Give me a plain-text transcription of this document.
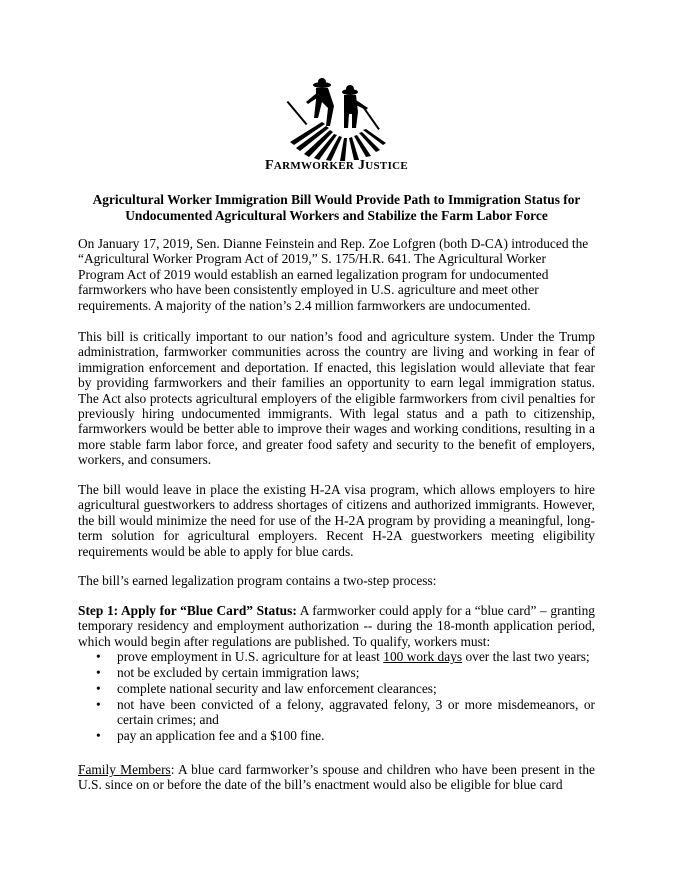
FARMWORKER JUSTICE
Agricultural Worker Immigration Bill Would Provide Path to Immigration Status for
Undocumented Agricultural Workers and Stabilize the Farm Labor Force

On January 17, 2019, Sen. Dianne Feinstein and Rep. Zoe Lofgren (both D-CA) introduced the “Agricultural Worker Program Act of 2019,” S. 175/H.R. 641. The Agricultural Worker Program Act of 2019 would establish an earned legalization program for undocumented farmworkers who have been consistently employed in U.S. agriculture and meet other requirements. A majority of the nation’s 2.4 million farmworkers are undocumented.

This bill is critically important to our nation’s food and agriculture system. Under the Trump administration, farmworker communities across the country are living and working in fear of immigration enforcement and deportation. If enacted, this legislation would alleviate that fear by providing farmworkers and their families an opportunity to earn legal immigration status. The Act also protects agricultural employers of the eligible farmworkers from civil penalties for previously hiring undocumented immigrants. With legal status and a path to citizenship, farmworkers would be better able to improve their wages and working conditions, resulting in a more stable farm labor force, and greater food safety and security to the benefit of employers, workers, and consumers.

The bill would leave in place the existing H-2A visa program, which allows employers to hire agricultural guestworkers to address shortages of citizens and authorized immigrants. However, the bill would minimize the need for use of the H-2A program by providing a meaningful, long-term solution for agricultural employers. Recent H-2A guestworkers meeting eligibility requirements would be able to apply for blue cards.

The bill’s earned legalization program contains a two-step process:

Step 1: Apply for “Blue Card” Status: A farmworker could apply for a “blue card” – granting temporary residency and employment authorization -- during the 18-month application period, which would begin after regulations are published. To qualify, workers must:

• prove employment in U.S. agriculture for at least 100 work days over the last two years;
• not be excluded by certain immigration laws;
• complete national security and law enforcement clearances;
• not have been convicted of a felony, aggravated felony, 3 or more misdemeanors, or certain crimes; and
• pay an application fee and a $100 fine.

Family Members: A blue card farmworker’s spouse and children who have been present in the U.S. since on or before the date of the bill’s enactment would also be eligible for blue card
